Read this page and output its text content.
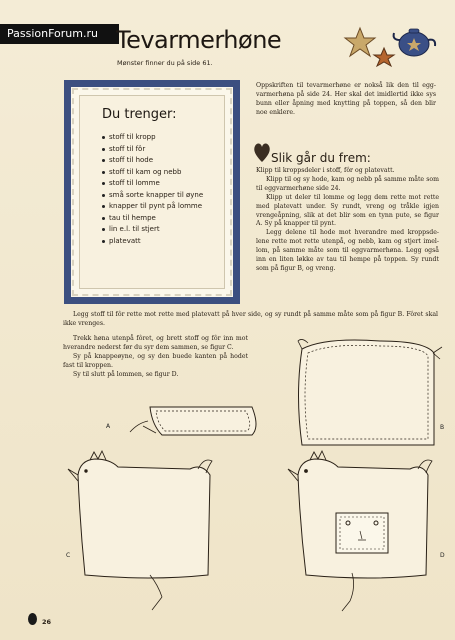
PassionForum.ru Tevarmerhøne
Mønster finner du på side 61.
Du trenger:
stoff til kropp
stoff til fôr
stoff til hode
stoff til kam og nebb
stoff til lomme
små sorte knapper til øyne
knapper til pynt på lomme
tau til hempe
lin e.l. til stjert
platevatt

Oppskriften til tevarmerhøne er nokså lik den til egg-varmerhøna på side 24. Her skal det imidlertid ikke sys bunn eller åpning med knytting på toppen, så den blir noe enklere.

Slik går du frem:

Klipp til kroppsdeler i stoff, fôr og platevatt.

Klipp til og sy hode, kam og nebb på samme måte som til eggvarmerhøne side 24.

Klipp ut deler til lomme og legg dem rette mot rette med platevatt under. Sy rundt, vreng og tråkle igjen vrengeåpning, slik at det blir som en tynn pute, se figur A. Sy på knapper til pynt.

Legg delene til hode mot hverandre med kroppsde-lene rette mot rette utenpå, og nebb, kam og stjert imel-lom, på samme måte som til eggvarmerhøna. Legg også inn en liten løkke av tau til hempe på toppen. Sy rundt som på figur B, og vreng.

Legg stoff til fôr rette mot rette med platevatt på hver side, og sy rundt på samme måte som på figur B. Fôret skal ikke vrenges.

Trekk høna utenpå fôret, og brett stoff og fôr inn mot hverandre nederst før du syr dem sammen, se figur C.

Sy på knappeøyne, og sy den buede kanten på hodet fast til kroppen.

Sy til slutt på lommen, se figur D.

A	B
C	D
26
